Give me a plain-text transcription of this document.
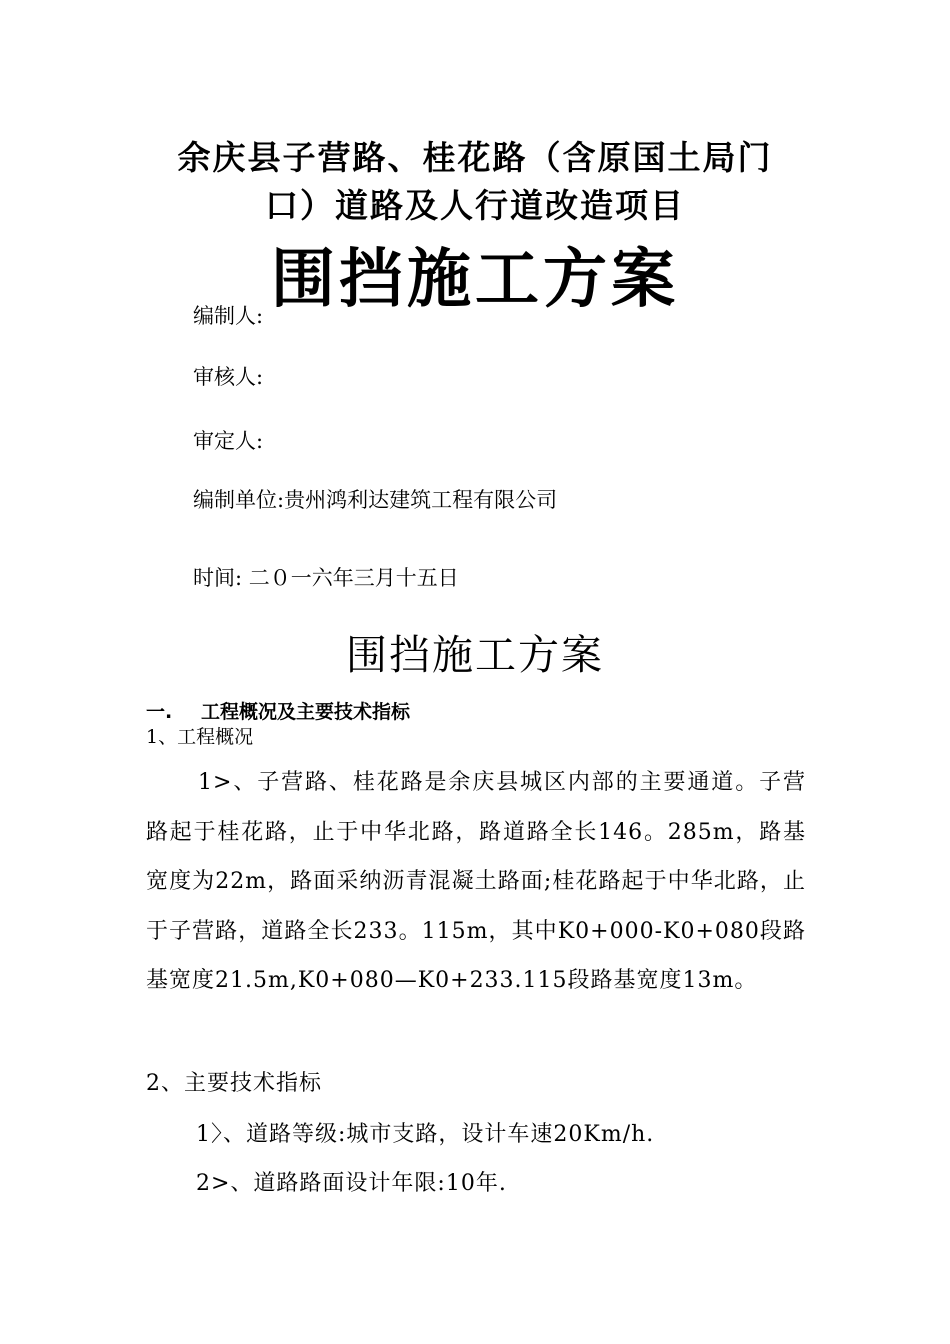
余庆县子营路、桂花路（含原国土局门
口）道路及人行道改造项目
围挡施工方案
编制人:
审核人:
审定人:
编制单位:贵州鸿利达建筑工程有限公司
时间: 二０一六年三月十五日
围挡施工方案
一. 工程概况及主要技术指标
1、工程概况
1>、子营路、桂花路是余庆县城区内部的主要通道。子营路起于桂花路，止于中华北路，路道路全长146。285m，路基宽度为22m，路面采纳沥青混凝土路面;桂花路起于中华北路，止于子营路，道路全长233。115m，其中K0+000-K0+080段路基宽度21.5m,K0+080—K0+233.115段路基宽度13m。
2、主要技术指标
1〉、道路等级:城市支路，设计车速20Km/h.
2>、道路路面设计年限:10年.
